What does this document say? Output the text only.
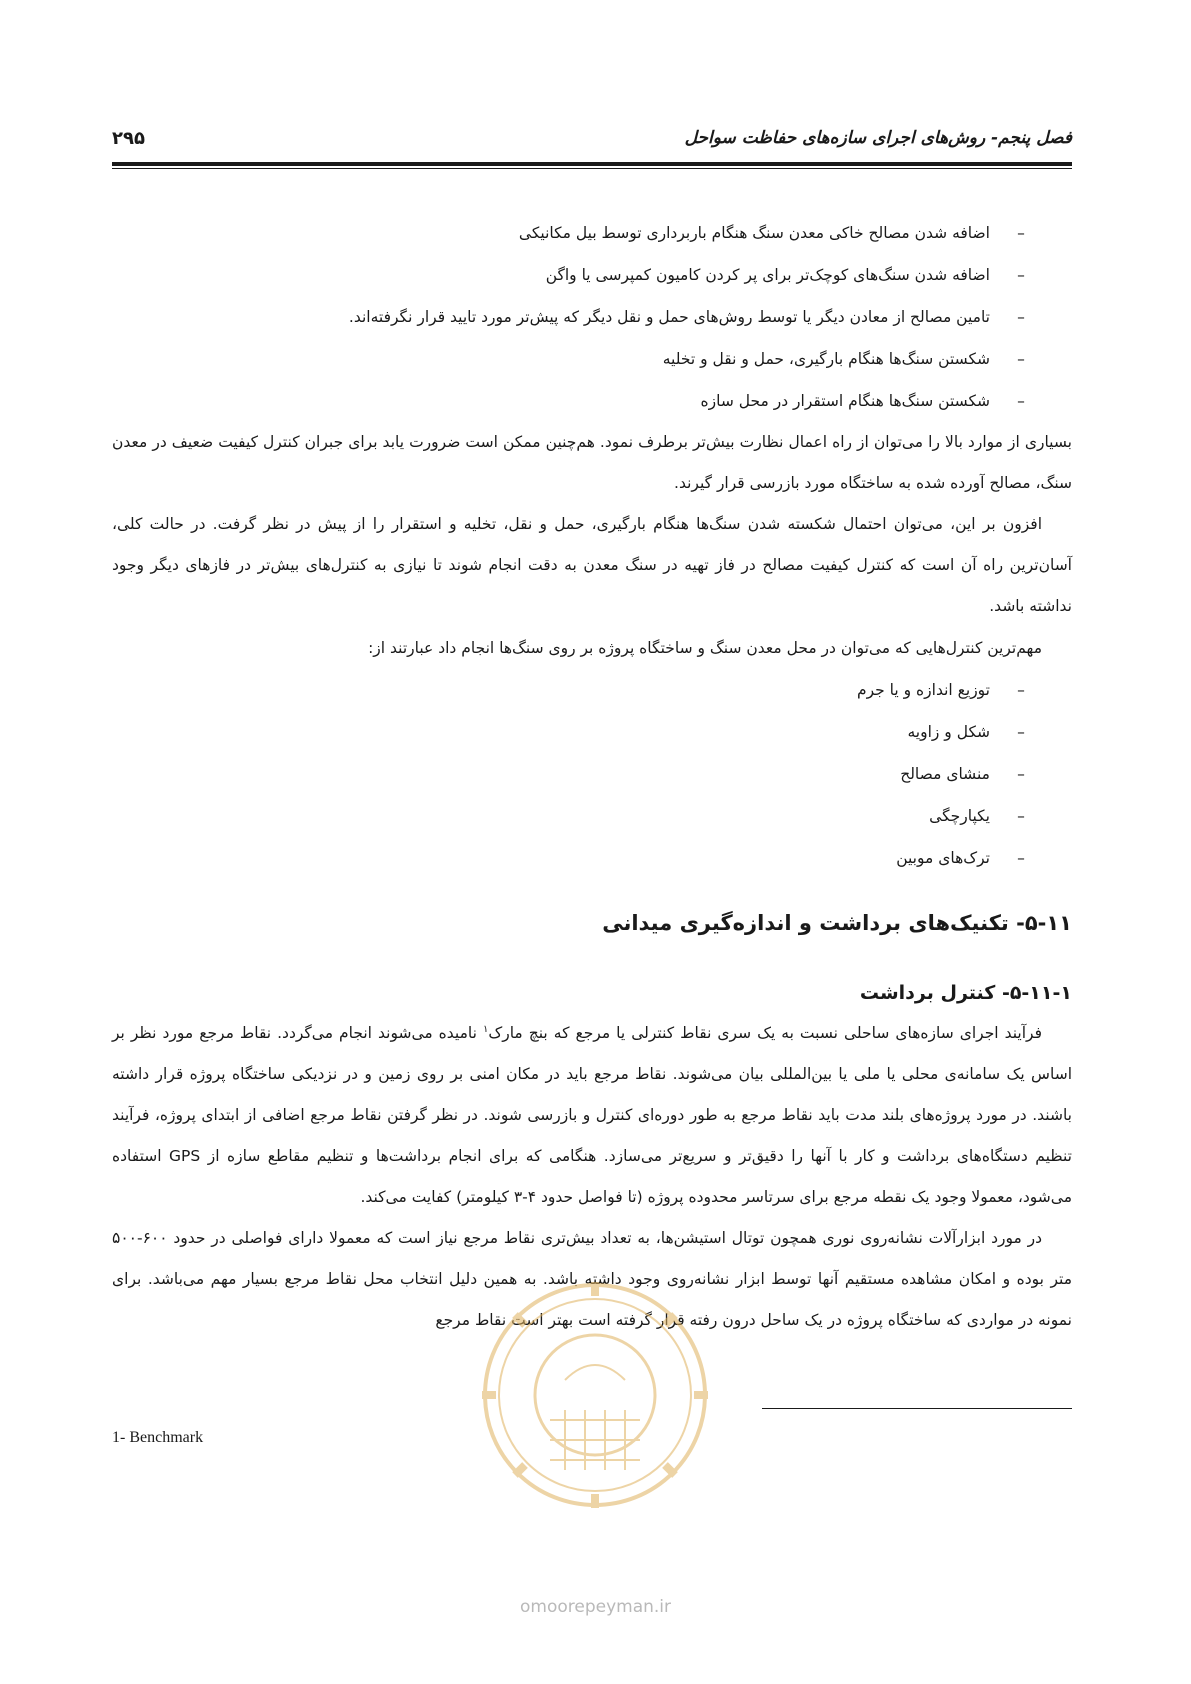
فصل پنجم- روش‌های اجرای سازه‌های حفاظت سواحل
۲۹۵
–
اضافه شدن مصالح خاکی معدن سنگ هنگام باربرداری توسط بیل مکانیکی
–
اضافه شدن سنگ‌های کوچک‌تر برای پر کردن کامیون کمپرسی یا واگن
–
تامین مصالح از معادن دیگر یا توسط روش‌های حمل و نقل دیگر که پیش‌تر مورد تایید قرار نگرفته‌اند.
–
شکستن سنگ‌ها هنگام بارگیری، حمل و نقل و تخلیه
–
شکستن سنگ‌ها هنگام استقرار در محل سازه
بسیاری از موارد بالا را می‌توان از راه اعمال نظارت بیش‌تر برطرف نمود. هم‌چنین ممکن است ضرورت یابد برای جبران کنترل کیفیت ضعیف در معدن سنگ، مصالح آورده شده به ساختگاه مورد بازرسی قرار گیرند.
افزون بر این، می‌توان احتمال شکسته شدن سنگ‌ها هنگام بارگیری، حمل و نقل، تخلیه و استقرار را از پیش در نظر گرفت. در حالت کلی، آسان‌ترین راه آن است که کنترل کیفیت مصالح در فاز تهیه در سنگ معدن به دقت انجام شوند تا نیازی به کنترل‌های بیش‌تر در فازهای دیگر وجود نداشته باشد.
مهم‌ترین کنترل‌هایی که می‌توان در محل معدن سنگ و ساختگاه پروژه بر روی سنگ‌ها انجام داد عبارتند از:
–
توزیع اندازه و یا جرم
–
شکل و زاویه
–
منشای مصالح
–
یکپارچگی
–
ترک‌های موبین
۵-۱۱- تکنیک‌های برداشت و اندازه‌گیری میدانی
۵-۱۱-۱- کنترل برداشت
فرآیند اجرای سازه‌های ساحلی نسبت به یک سری نقاط کنترلی یا مرجع که بنچ مارک$^۱$ نامیده می‌شوند انجام می‌گردد. نقاط مرجع مورد نظر بر اساس یک سامانه‌ی محلی یا ملی یا بین‌المللی بیان می‌شوند. نقاط مرجع باید در مکان امنی بر روی زمین و در نزدیکی ساختگاه پروژه قرار داشته باشند. در مورد پروژه‌های بلند مدت باید نقاط مرجع به طور دوره‌ای کنترل و بازرسی شوند. در نظر گرفتن نقاط مرجع اضافی از ابتدای پروژه، فرآیند تنظیم دستگاه‌های برداشت و کار با آنها را دقیق‌تر و سریع‌تر می‌سازد. هنگامی که برای انجام برداشت‌ها و تنظیم مقاطع سازه از GPS استفاده می‌شود، معمولا وجود یک نقطه مرجع برای سرتاسر محدوده پروژه (تا فواصل حدود ۴-۳ کیلومتر) کفایت می‌کند.
در مورد ابزارآلات نشانه‌روی نوری همچون توتال استیشن‌ها، به تعداد بیش‌تری نقاط مرجع نیاز است که معمولا دارای فواصلی در حدود ۶۰۰-۵۰۰ متر بوده و امکان مشاهده مستقیم آنها توسط ابزار نشانه‌روی وجود داشته باشد. به همین دلیل انتخاب محل نقاط مرجع بسیار مهم می‌باشد. برای نمونه در مواردی که ساختگاه پروژه در یک ساحل درون رفته قرار گرفته است بهتر است نقاط مرجع
1- Benchmark
omoorepeyman.ir
